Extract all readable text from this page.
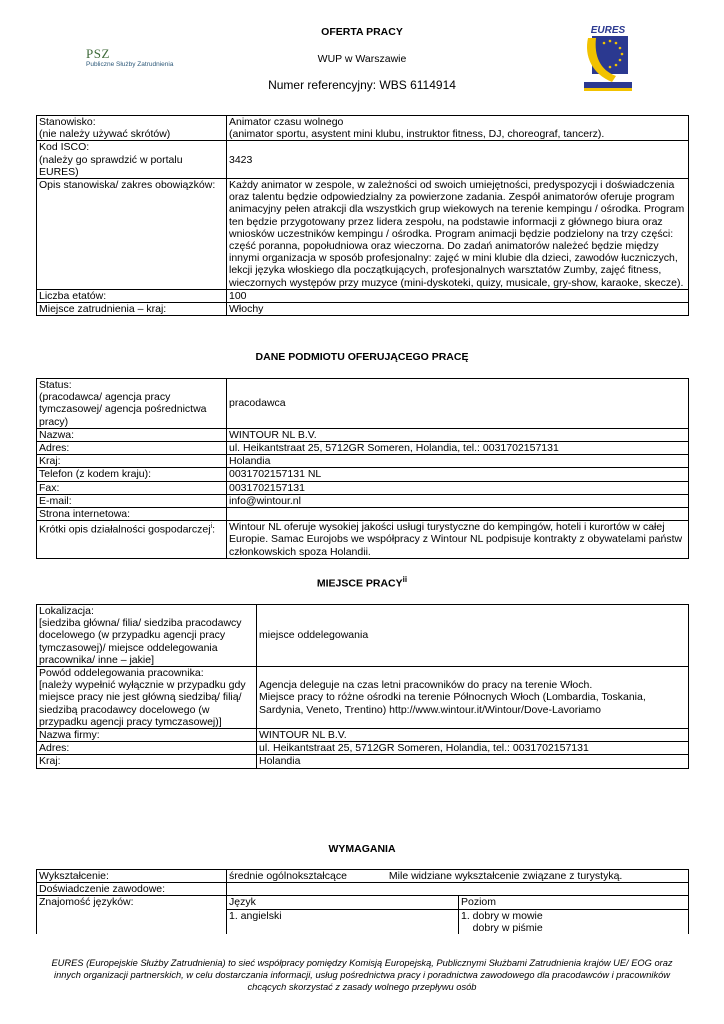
PSZ
Publiczne Służby Zatrudnienia
OFERTA PRACY
WUP w Warszawie
Numer referencyjny: WBS 6114914
EURES
Stanowisko:
(nie należy używać skrótów)	Animator czasu wolnego
(animator sportu, asystent mini klubu, instruktor fitness, DJ, choreograf, tancerz).
Kod ISCO:
(należy go sprawdzić w portalu EURES)	3423
Opis stanowiska/ zakres obowiązków:	Każdy animator w zespole, w zależności od swoich umiejętności, predyspozycji i doświadczenia oraz talentu będzie odpowiedzialny za powierzone zadania. Zespół animatorów oferuje program animacyjny pełen atrakcji dla wszystkich grup wiekowych na terenie kempingu / ośrodka. Program ten będzie przygotowany przez lidera zespołu, na podstawie informacji z głównego biura oraz wniosków uczestników kempingu / ośrodka. Program animacji będzie podzielony na trzy części: część poranna, popołudniowa oraz wieczorna. Do zadań animatorów należeć będzie między innymi organizacja w sposób profesjonalny: zajęć w mini klubie dla dzieci, zawodów łuczniczych, lekcji języka włoskiego dla początkujących, profesjonalnych warsztatów Zumby, zajęć fitness, wieczornych występów przy muzyce (mini-dyskoteki, quizy, musicale, gry-show, karaoke, skecze).
Liczba etatów:	100
Miejsce zatrudnienia – kraj:	Włochy
DANE PODMIOTU OFERUJĄCEGO PRACĘ
Status:
(pracodawca/ agencja pracy tymczasowej/ agencja pośrednictwa pracy)	pracodawca
Nazwa:	WINTOUR NL B.V.
Adres:	ul. Heikantstraat 25, 5712GR Someren, Holandia, tel.: 0031702157131
Kraj:	Holandia
Telefon (z kodem kraju):	0031702157131 NL
Fax:	0031702157131
E-mail:	info@wintour.nl
Strona internetowa:	
Krótki opis działalności gospodarczej$^i$:	Wintour NL oferuje wysokiej jakości usługi turystyczne do kempingów, hoteli i kurortów w całej Europie. Samac Eurojobs we współpracy z Wintour NL podpisuje kontrakty z obywatelami państw członkowskich spoza Holandii.
MIEJSCE PRACY$^{ii}$
Lokalizacja:
[siedziba główna/ filia/ siedziba pracodawcy docelowego (w przypadku agencji pracy tymczasowej)/ miejsce oddelegowania pracownika/ inne – jakie]	miejsce oddelegowania
Powód oddelegowania pracownika:
[należy wypełnić wyłącznie w przypadku gdy miejsce pracy nie jest główną siedzibą/ filią/ siedzibą pracodawcy docelowego (w przypadku agencji pracy tymczasowej)]	Agencja deleguje na czas letni pracowników do pracy na terenie Włoch.
Miejsce pracy to różne ośrodki na terenie Północnych Włoch (Lombardia, Toskania, Sardynia, Veneto, Trentino) http://www.wintour.it/Wintour/Dove-Lavoriamo
Nazwa firmy:	WINTOUR NL B.V.
Adres:	ul. Heikantstraat 25, 5712GR Someren, Holandia, tel.: 0031702157131
Kraj:	Holandia
WYMAGANIA
Wykształcenie:	średnie ogólnokształcące Mile widziane wykształcenie związane z turystyką.	
Doświadczenie zawodowe:		
Znajomość języków:	Język	Poziom
	1. angielski	1. dobry w mowie
dobry w piśmie
EURES (Europejskie Służby Zatrudnienia) to sieć współpracy pomiędzy Komisją Europejską, Publicznymi Służbami Zatrudnienia krajów UE/ EOG oraz innych organizacji partnerskich, w celu dostarczania informacji, usług pośrednictwa pracy i poradnictwa zawodowego dla pracodawców i pracowników chcących skorzystać z zasady wolnego przepływu osób
